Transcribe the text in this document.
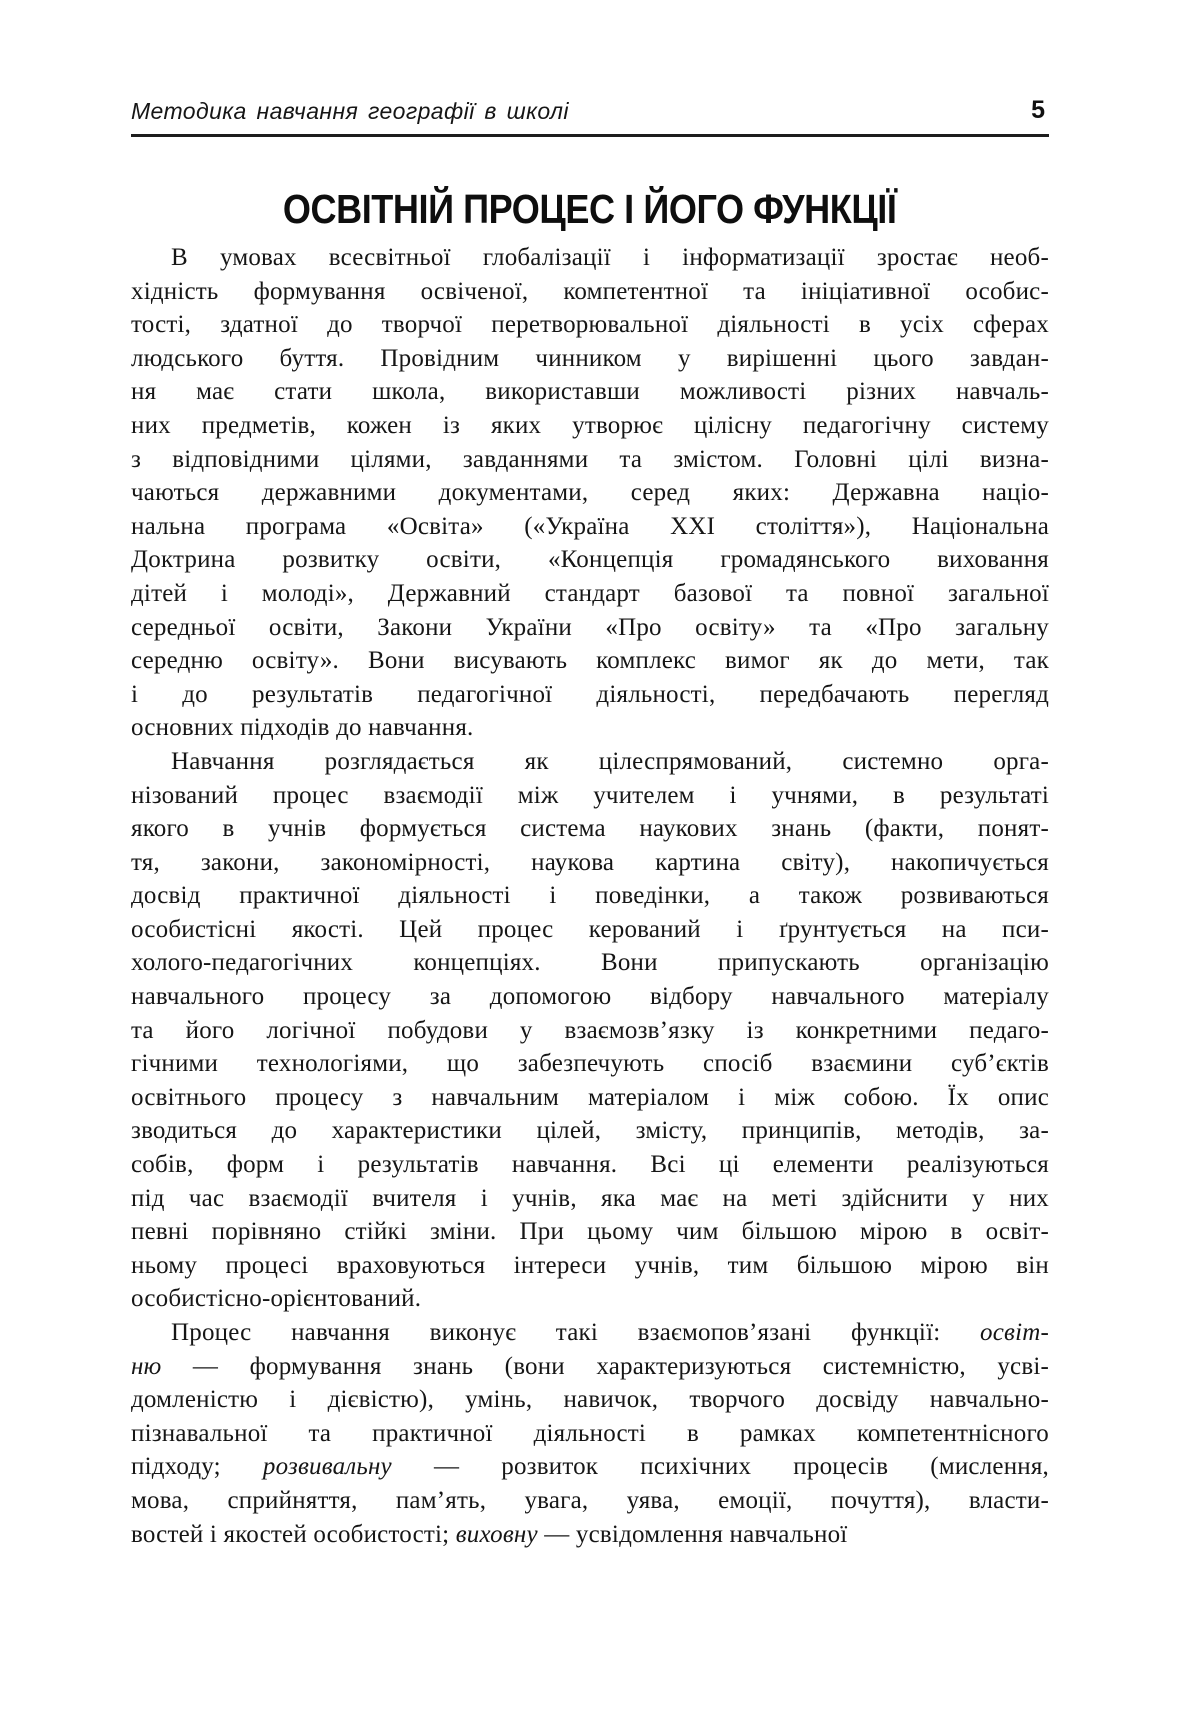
Методика навчання географії в школі	5
ОСВІТНІЙ ПРОЦЕС І ЙОГО ФУНКЦІЇ
В умовах всесвітньої глобалізації і інформатизації зростає необ-
хідність формування освіченої, компетентної та ініціативної особис-
тості, здатної до творчої перетворювальної діяльності в усіх сферах
людського буття. Провідним чинником у вирішенні цього завдан-
ня має стати школа, використавши можливості різних навчаль-
них предметів, кожен із яких утворює цілісну педагогічну систему
з відповідними цілями, завданнями та змістом. Головні цілі визна-
чаються державними документами, серед яких: Державна націо-
нальна програма «Освіта» («Україна ХХІ століття»), Національна
Доктрина розвитку освіти, «Концепція громадянського виховання
дітей і молоді», Державний стандарт базової та повної загальної
середньої освіти, Закони України «Про освіту» та «Про загальну
середню освіту». Вони висувають комплекс вимог як до мети, так
і до результатів педагогічної діяльності, передбачають перегляд
основних підходів до навчання.
Навчання розглядається як цілеспрямований, системно орга-
нізований процес взаємодії між учителем і учнями, в результаті
якого в учнів формується система наукових знань (факти, понят-
тя, закони, закономірності, наукова картина світу), накопичується
досвід практичної діяльності і поведінки, а також розвиваються
особистісні якості. Цей процес керований і ґрунтується на пси-
холого-педагогічних концепціях. Вони припускають організацію
навчального процесу за допомогою відбору навчального матеріалу
та його логічної побудови у взаємозв’язку із конкретними педаго-
гічними технологіями, що забезпечують спосіб взаємини суб’єктів
освітнього процесу з навчальним матеріалом і між собою. Їх опис
зводиться до характеристики цілей, змісту, принципів, методів, за-
собів, форм і результатів навчання. Всі ці елементи реалізуються
під час взаємодії вчителя і учнів, яка має на меті здійснити у них
певні порівняно стійкі зміни. При цьому чим більшою мірою в освіт-
ньому процесі враховуються інтереси учнів, тим більшою мірою він
особистісно-орієнтований.
Процес навчання виконує такі взаємопов’язані функції: освіт-
ню — формування знань (вони характеризуються системністю, усві-
домленістю і дієвістю), умінь, навичок, творчого досвіду навчально-
пізнавальної та практичної діяльності в рамках компетентнісного
підходу; розвивальну — розвиток психічних процесів (мислення,
мова, сприйняття, пам’ять, увага, уява, емоції, почуття), власти-
востей і якостей особистості; виховну — усвідомлення навчальної
